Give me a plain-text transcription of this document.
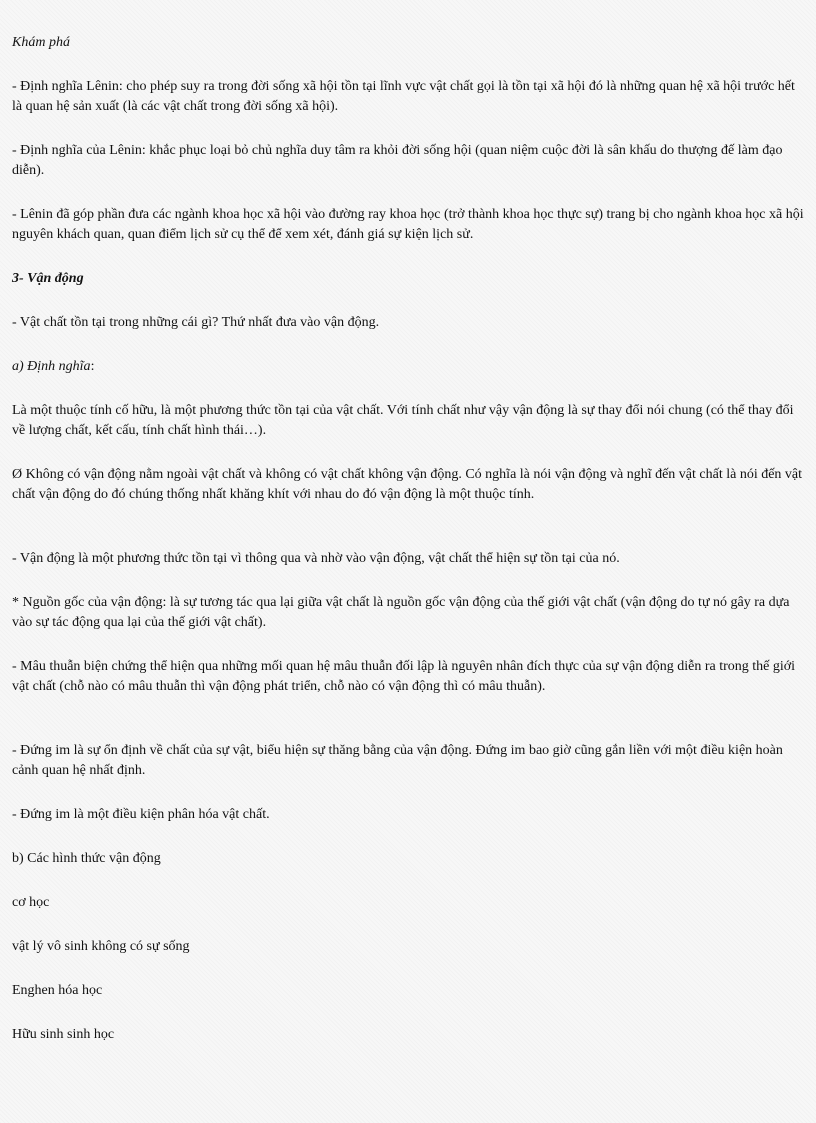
Khám phá

- Định nghĩa Lênin: cho phép suy ra trong đời sống xã hội tồn tại lĩnh vực vật chất gọi là tồn tại xã hội đó là những quan hệ xã hội trước hết là quan hệ sản xuất (là các vật chất trong đời sống xã hội).

- Định nghĩa của Lênin: khắc phục loại bỏ chủ nghĩa duy tâm ra khỏi đời sống hội (quan niệm cuộc đời là sân khấu do thượng đế làm đạo diễn).

- Lênin đã góp phần đưa các ngành khoa học xã hội vào đường ray khoa học (trở thành khoa học thực sự) trang bị cho ngành khoa học xã hội nguyên khách quan, quan điểm lịch sử cụ thể để xem xét, đánh giá sự kiện lịch sử.

3- Vận động

- Vật chất tồn tại trong những cái gì? Thứ nhất đưa vào vận động.

a) Định nghĩa:

Là một thuộc tính cố hữu, là một phương thức tồn tại của vật chất. Với tính chất như vậy vận động là sự thay đổi nói chung (có thể thay đổi về lượng chất, kết cấu, tính chất hình thái…).

Ø Không có vận động nằm ngoài vật chất và không có vật chất không vận động. Có nghĩa là nói vận động và nghĩ đến vật chất là nói đến vật chất vận động do đó chúng thống nhất khăng khít với nhau do đó vận động là một thuộc tính.

- Vận động là một phương thức tồn tại vì thông qua và nhờ vào vận động, vật chất thể hiện sự tồn tại của nó.

* Nguồn gốc của vận động: là sự tương tác qua lại giữa vật chất là nguồn gốc vận động của thế giới vật chất (vận động do tự nó gây ra dựa vào sự tác động qua lại của thế giới vật chất).

- Mâu thuẫn biện chứng thể hiện qua những mối quan hệ mâu thuẫn đối lập là nguyên nhân đích thực của sự vận động diễn ra trong thế giới vật chất (chỗ nào có mâu thuẫn thì vận động phát triển, chỗ nào có vận động thì có mâu thuẫn).

- Đứng im là sự ổn định về chất của sự vật, biểu hiện sự thăng bằng của vận động. Đứng im bao giờ cũng gắn liền với một điều kiện hoàn cảnh quan hệ nhất định.

- Đứng im là một điều kiện phân hóa vật chất.

b) Các hình thức vận động

cơ học

vật lý vô sinh không có sự sống

Enghen hóa học

Hữu sinh sinh học
